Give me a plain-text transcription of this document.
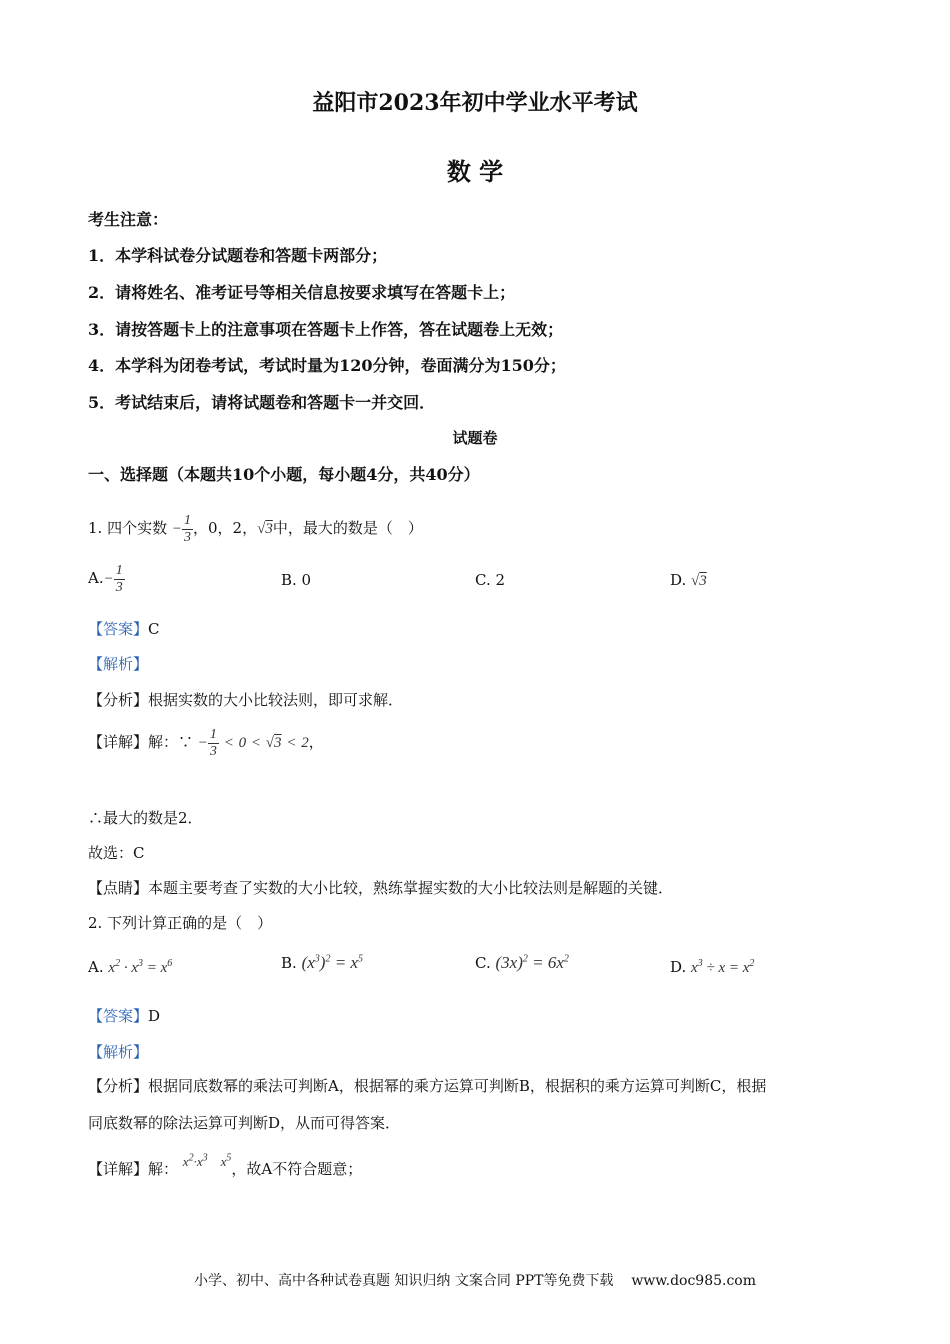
益阳市2023年初中学业水平考试
数 学
考生注意：
1．本学科试卷分试题卷和答题卡两部分；
2．请将姓名、准考证号等相关信息按要求填写在答题卡上；
3．请按答题卡上的注意事项在答题卡上作答，答在试题卷上无效；
4．本学科为闭卷考试，考试时量为120分钟，卷面满分为150分；
5．考试结束后，请将试题卷和答题卡一并交回．
试题卷
一、选择题（本题共10个小题，每小题4分，共40分）
1. 四个实数 − $\frac{1}{3}$ ，0，2，√3中，最大的数是（　）
$A.- \frac{1}{3}$	B. 0	C. 2	D. √3
【答案】C
【解析】
【分析】根据实数的大小比较法则，即可求解．
【详解】解：∵ − $\frac{1}{3} < 0 < √3 < 2$，
∴最大的数是2．
故选：C
【点睛】本题主要考查了实数的大小比较，熟练掌握实数的大小比较法则是解题的关键．
2. 下列计算正确的是（　）
A. $x^2 \cdot x^3 = x^6$	B. $(x^3)^2 = x^5$	C. $(3x)^2 = 6x^2$	D. $x^3 \div x = x^2$
【答案】D
【解析】
【分析】根据同底数幂的乘法可判断A，根据幂的乘方运算可判断B，根据积的乘方运算可判断C，根据
同底数幂的除法运算可判断D，从而可得答案．
【详解】解： $x^2\cdot x^3$    $x^5$，故A不符合题意；
小学、初中、高中各种试卷真题 知识归纳 文案合同 PPT等免费下载 www.doc985.com
